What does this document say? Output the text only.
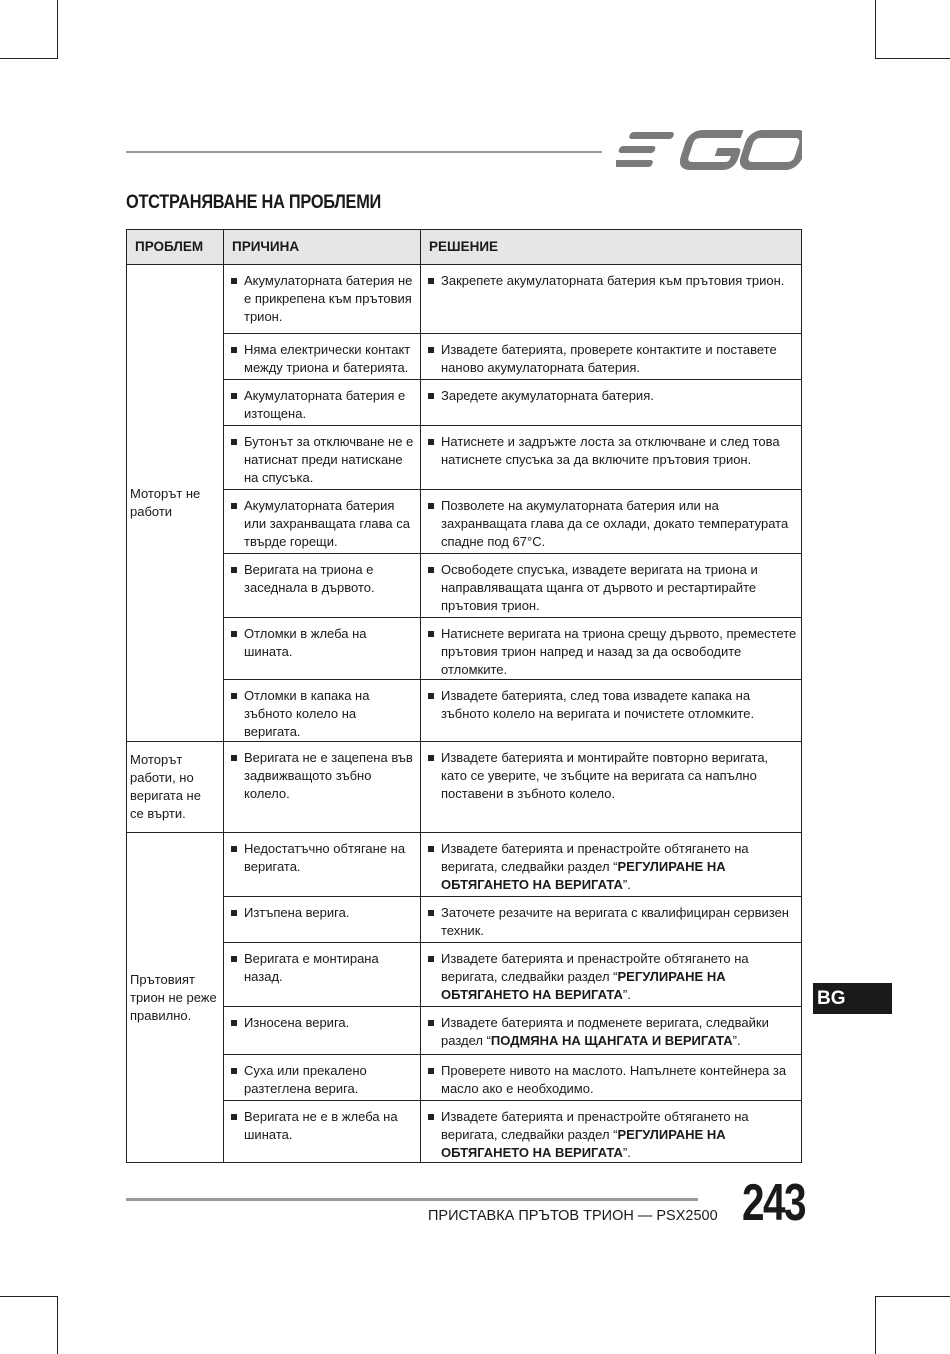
ОТСТРАНЯВАНЕ НА ПРОБЛЕМИ
ПРОБЛЕМ	ПРИЧИНА	РЕШЕНИЕ
Моторът не работи	Акумулаторната батерия не е прикрепена към прътовия трион.	Закрепете акумулаторната батерия към прътовия трион.

Няма електрически контакт между триона и батерията.	Извадете батерията, проверете контактите и поставете наново акумулаторната батерия.

Акумулаторната батерия е изтощена.	Заредете акумулаторната батерия.

Бутонът за отключване не е натиснат преди натискане на спусъка.	Натиснете и задръжте лоста за отключване и след това натиснете спусъка за да включите прътовия трион.

Акумулаторната батерия или захранващата глава са твърде горещи.	Позволете на акумулаторната батерия или на захранващата глава да се охлади, докато температурата спадне под 67°C.

Веригата на триона е заседнала в дървото.	Освободете спусъка, извадете веригата на триона и направляващата щанга от дървото и рестартирайте прътовия трион.

Отломки в жлеба на шината.	Натиснете веригата на триона срещу дървото, преместете прътовия трион напред и назад за да освободите отломките.

Отломки в капака на зъбното колело на веригата.	Извадете батерията, след това извадете капака на зъбното колело на веригата и почистете отломките.

Моторът работи, но веригата не се върти.	Веригата не е зацепена във задвижващото зъбно колело.	Извадете батерията и монтирайте повторно веригата, като се уверите, че зъбците на веригата са напълно поставени в зъбното колело.

Прътовият трион не реже правилно.	Недостатъчно обтягане на веригата.	Извадете батерията и пренастройте обтягането на веригата, следвайки раздел “РЕГУЛИРАНЕ НА ОБТЯГАНЕТО НА ВЕРИГАТА”.

Изтъпена верига.	Заточете резачите на веригата с квалифициран сервизен техник.

Веригата е монтирана назад.	Извадете батерията и пренастройте обтягането на веригата, следвайки раздел “РЕГУЛИРАНЕ НА ОБТЯГАНЕТО НА ВЕРИГАТА”.

Износена верига.	Извадете батерията и подменете веригата, следвайки раздел “ПОДМЯНА НА ЩАНГАТА И ВЕРИГАТА”.

Суха или прекалено разтеглена верига.	Проверете нивото на маслото. Напълнете контейнера за масло ако е необходимо.

Веригата не е в жлеба на шината.	Извадете батерията и пренастройте обтягането на веригата, следвайки раздел “РЕГУЛИРАНЕ НА ОБТЯГАНЕТО НА ВЕРИГАТА”.
BG
ПРИСТАВКА ПРЪТОВ ТРИОН — PSX2500 243
